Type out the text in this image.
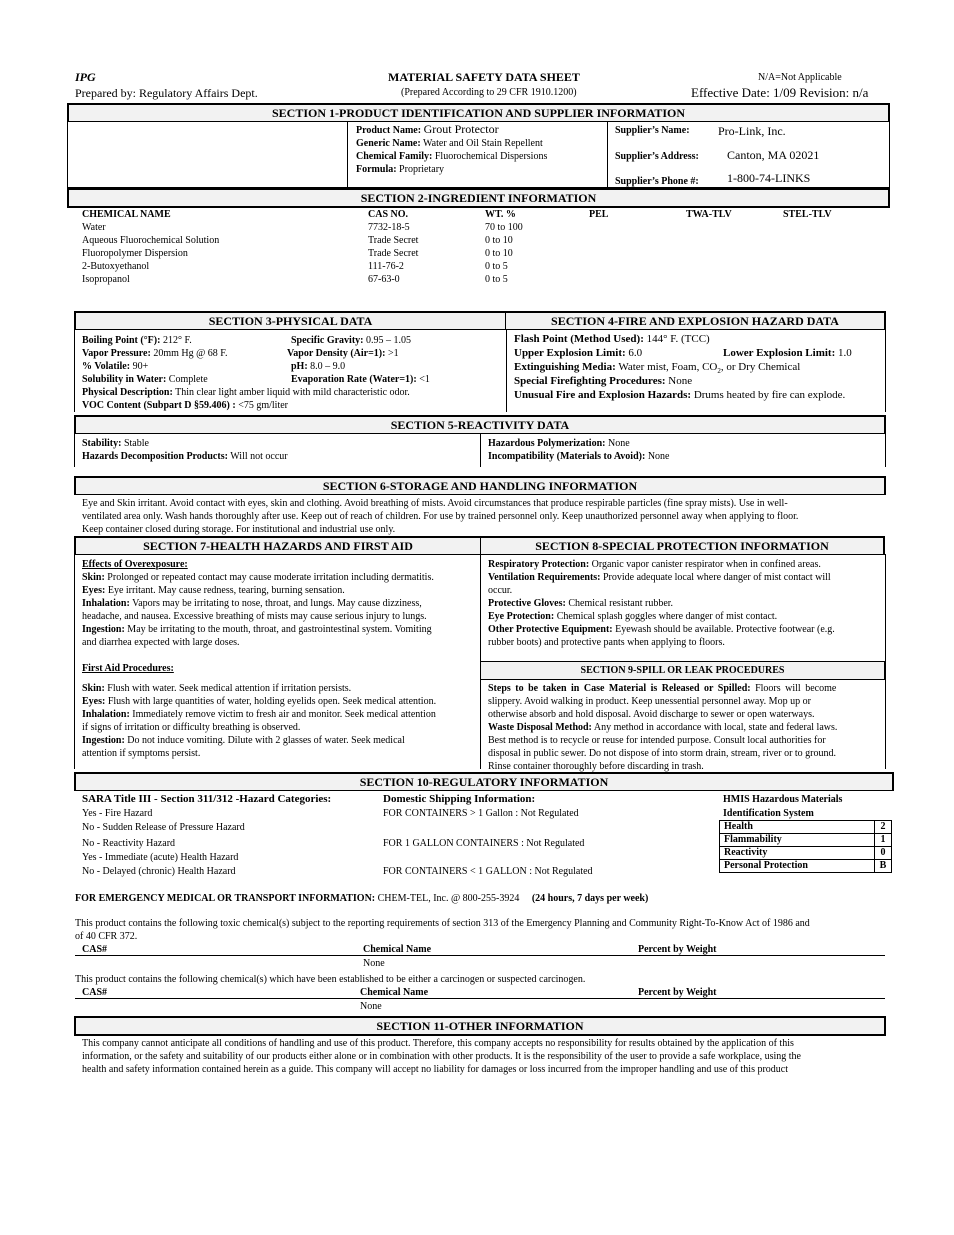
IPG
Prepared by: Regulatory Affairs Dept.
MATERIAL SAFETY DATA SHEET
(Prepared According to 29 CFR 1910.1200)
N/A=Not Applicable
Effective Date: 1/09 Revision: n/a
SECTION 1-PRODUCT IDENTIFICATION AND SUPPLIER INFORMATION
Product Name: Grout Protector
Generic Name: Water and Oil Stain Repellent
Chemical Family: Fluorochemical Dispersions
Formula: Proprietary
Supplier’s Name: Pro-Link, Inc.
Supplier’s Address: Canton, MA 02021
Supplier’s Phone #: 1-800-74-LINKS
SECTION 2-INGREDIENT INFORMATION
CHEMICAL NAME	CAS NO.	WT. %	PEL	TWA-TLV	STEL-TLV
Water	7732-18-5	70 to 100
Aqueous Fluorochemical Solution	Trade Secret	0 to 10
Fluoropolymer Dispersion	Trade Secret	0 to 10
2-Butoxyethanol	111-76-2	0 to 5
Isopropanol	67-63-0	0 to 5
SECTION 3-PHYSICAL DATA	SECTION 4-FIRE AND EXPLOSION HAZARD DATA
Boiling Point (°F): 212° F.	Specific Gravity: 0.95 – 1.05
Vapor Pressure: 20mm Hg @ 68 F.	Vapor Density (Air=1): >1
% Volatile: 90+	pH: 8.0 – 9.0
Solubility in Water: Complete	Evaporation Rate (Water=1): <1
Physical Description: Thin clear light amber liquid with mild characteristic odor.
VOC Content (Subpart D §59.406) : <75 gm/liter
Flash Point (Method Used): 144° F. (TCC)
Upper Explosion Limit: 6.0	Lower Explosion Limit: 1.0
Extinguishing Media: Water mist, Foam, $CO_2$, or Dry Chemical
Special Firefighting Procedures: None
Unusual Fire and Explosion Hazards: Drums heated by fire can explode.
SECTION 5-REACTIVITY DATA
Stability: Stable
Hazards Decomposition Products: Will not occur
Hazardous Polymerization: None
Incompatibility (Materials to Avoid): None
SECTION 6-STORAGE AND HANDLING INFORMATION
Eye and Skin irritant. Avoid contact with eyes, skin and clothing. Avoid breathing of mists. Avoid circumstances that produce respirable particles (fine spray mists). Use in well-
ventilated area only. Wash hands thoroughly after use. Keep out of reach of children. For use by trained personnel only. Keep unauthorized personnel away when applying to floor.
Keep container closed during storage. For institutional and industrial use only.
SECTION 7-HEALTH HAZARDS AND FIRST AID	SECTION 8-SPECIAL PROTECTION INFORMATION
Effects of Overexposure:
Skin: Prolonged or repeated contact may cause moderate irritation including dermatitis.
Eyes: Eye irritant. May cause redness, tearing, burning sensation.
Inhalation: Vapors may be irritating to nose, throat, and lungs. May cause dizziness,
headache, and nausea. Excessive breathing of mists may cause serious injury to lungs.
Ingestion: May be irritating to the mouth, throat, and gastrointestinal system. Vomiting
and diarrhea expected with large doses.
First Aid Procedures:
Skin: Flush with water. Seek medical attention if irritation persists.
Eyes: Flush with large quantities of water, holding eyelids open. Seek medical attention.
Inhalation: Immediately remove victim to fresh air and monitor. Seek medical attention
if signs of irritation or difficulty breathing is observed.
Ingestion: Do not induce vomiting. Dilute with 2 glasses of water. Seek medical
attention if symptoms persist.
Respiratory Protection: Organic vapor canister respirator when in confined areas.
Ventilation Requirements: Provide adequate local where danger of mist contact will
occur.
Protective Gloves: Chemical resistant rubber.
Eye Protection: Chemical splash goggles where danger of mist contact.
Other Protective Equipment: Eyewash should be available. Protective footwear (e.g.
rubber boots) and protective pants when applying to floors.
SECTION 9-SPILL OR LEAK PROCEDURES
Steps to be taken in Case Material is Released or Spilled: Floors will become
slippery. Avoid walking in product. Keep unessential personnel away. Mop up or
otherwise absorb and hold disposal. Avoid discharge to sewer or open waterways.
Waste Disposal Method: Any method in accordance with local, state and federal laws.
Best method is to recycle or reuse for intended purpose. Consult local authorities for
disposal in public sewer. Do not dispose of into storm drain, stream, river or to ground.
Rinse container thoroughly before discarding in trash.
SECTION 10-REGULATORY INFORMATION
SARA Title III - Section 311/312 -Hazard Categories:
Yes - Fire Hazard
No - Sudden Release of Pressure Hazard
No - Reactivity Hazard
Yes - Immediate (acute) Health Hazard
No - Delayed (chronic) Health Hazard
Domestic Shipping Information:
FOR CONTAINERS > 1 Gallon : Not Regulated
FOR 1 GALLON CONTAINERS : Not Regulated
FOR CONTAINERS < 1 GALLON : Not Regulated
HMIS Hazardous Materials
Identification System
Health	2
Flammability	1
Reactivity	0
Personal Protection	B
FOR EMERGENCY MEDICAL OR TRANSPORT INFORMATION: CHEM-TEL, Inc. @ 800-255-3924 (24 hours, 7 days per week)
This product contains the following toxic chemical(s) subject to the reporting requirements of section 313 of the Emergency Planning and Community Right-To-Know Act of 1986 and
of 40 CFR 372.
CAS#	Chemical Name	Percent by Weight
None
This product contains the following chemical(s) which have been established to be either a carcinogen or suspected carcinogen.
CAS#	Chemical Name	Percent by Weight
None
SECTION 11-OTHER INFORMATION
This company cannot anticipate all conditions of handling and use of this product. Therefore, this company accepts no responsibility for results obtained by the application of this
information, or the safety and suitability of our products either alone or in combination with other products. It is the responsibility of the user to provide a safe workplace, using the
health and safety information contained herein as a guide. This company will accept no liability for damages or loss incurred from the improper handling and use of this product
